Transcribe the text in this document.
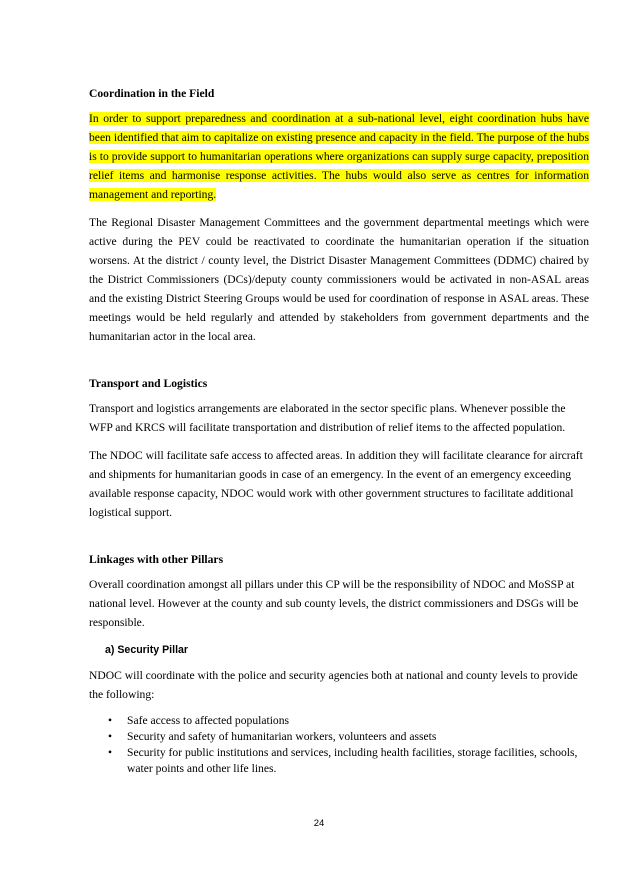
Coordination in the Field

In order to support preparedness and coordination at a sub-national level, eight coordination hubs have been identified that aim to capitalize on existing presence and capacity in the field. The purpose of the hubs is to provide support to humanitarian operations where organizations can supply surge capacity, preposition relief items and harmonise response activities. The hubs would also serve as centres for information management and reporting.

The Regional Disaster Management Committees and the government departmental meetings which were active during the PEV could be reactivated to coordinate the humanitarian operation if the situation worsens. At the district / county level, the District Disaster Management Committees (DDMC) chaired by the District Commissioners (DCs)/deputy county commissioners would be activated in non-ASAL areas and the existing District Steering Groups would be used for coordination of response in ASAL areas. These meetings would be held regularly and attended by stakeholders from government departments and the humanitarian actor in the local area.

Transport and Logistics

Transport and logistics arrangements are elaborated in the sector specific plans. Whenever possible the WFP and KRCS will facilitate transportation and distribution of relief items to the affected population.

The NDOC will facilitate safe access to affected areas. In addition they will facilitate clearance for aircraft and shipments for humanitarian goods in case of an emergency. In the event of an emergency exceeding available response capacity, NDOC would work with other government structures to facilitate additional logistical support.

Linkages with other Pillars

Overall coordination amongst all pillars under this CP will be the responsibility of NDOC and MoSSP at national level. However at the county and sub county levels, the district commissioners and DSGs will be responsible.

a) Security Pillar

NDOC will coordinate with the police and security agencies both at national and county levels to provide the following:

• Safe access to affected populations
• Security and safety of humanitarian workers, volunteers and assets
• Security for public institutions and services, including health facilities, storage facilities, schools, water points and other life lines.
24
